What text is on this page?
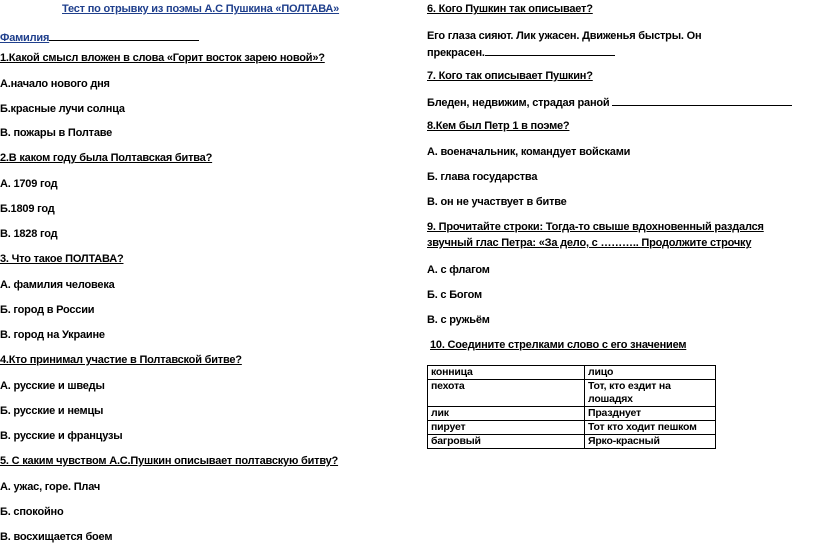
Тест по отрывку из поэмы А.С Пушкина «ПОЛТАВА»
Фамилия
1.Какой смысл вложен в слова «Горит восток зарею новой»?
А.начало нового дня
Б.красные лучи солнца
В. пожары в Полтаве
2.В каком году была Полтавская битва?
А. 1709 год
Б.1809 год
В. 1828 год
3. Что такое ПОЛТАВА?
А. фамилия человека
Б. город в России
В. город на Украине
4.Кто принимал участие в Полтавской битве?
А. русские и шведы
Б. русские и немцы
В. русские и французы
5. С каким чувством А.С.Пушкин описывает полтавскую битву?
А. ужас, горе. Плач
Б. спокойно
В. восхищается боем
6. Кого Пушкин так описывает?
Его глаза сияют. Лик ужасен. Движенья быстры. Он
прекрасен.
7. Кого так описывает Пушкин?
Бледен, недвижим, страдая раной
8.Кем был Петр 1 в поэме?
А. военачальник, командует войсками
Б. глава государства
В. он не участвует в битве
9. Прочитайте строки: Тогда-то свыше вдохновенный раздался
звучный глас Петра: «За дело, с ……….. Продолжите строчку
А. с флагом
Б. с Богом
В. с ружьём
10. Соедините стрелками слово с его значением
конница	лицо
пехота	Тот, кто ездит на лошадях
лик	Празднует
пирует	Тот кто ходит пешком
багровый	Ярко-красный
